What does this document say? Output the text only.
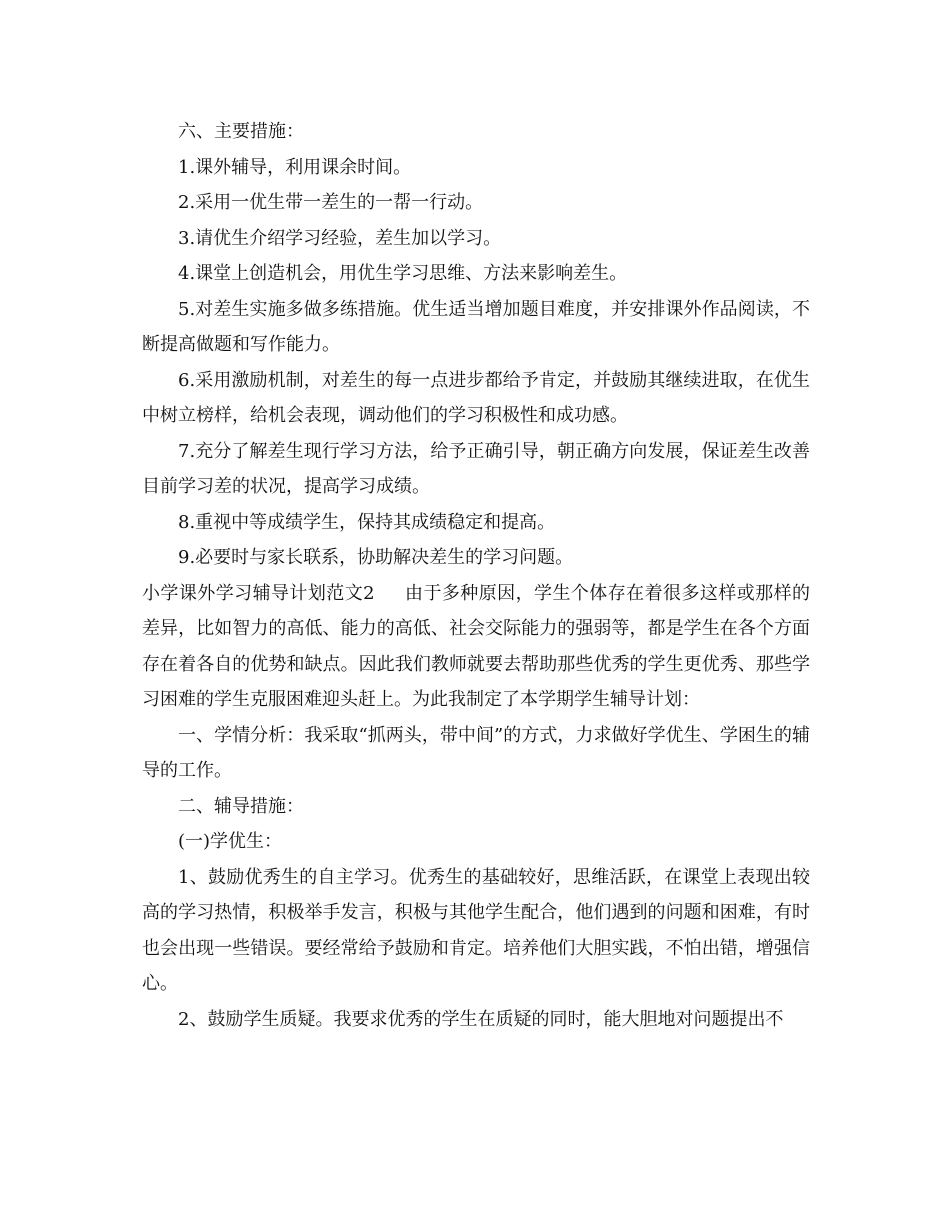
六、主要措施：

1.课外辅导，利用课余时间。

2.采用一优生带一差生的一帮一行动。

3.请优生介绍学习经验，差生加以学习。

4.课堂上创造机会，用优生学习思维、方法来影响差生。

5.对差生实施多做多练措施。优生适当增加题目难度，并安排课外作品阅读，不断提高做题和写作能力。

6.采用激励机制，对差生的每一点进步都给予肯定，并鼓励其继续进取，在优生中树立榜样，给机会表现，调动他们的学习积极性和成功感。

7.充分了解差生现行学习方法，给予正确引导，朝正确方向发展，保证差生改善目前学习差的状况，提高学习成绩。

8.重视中等成绩学生，保持其成绩稳定和提高。

9.必要时与家长联系，协助解决差生的学习问题。

小学课外学习辅导计划范文2 由于多种原因，学生个体存在着很多这样或那样的差异，比如智力的高低、能力的高低、社会交际能力的强弱等，都是学生在各个方面存在着各自的优势和缺点。因此我们教师就要去帮助那些优秀的学生更优秀、那些学习困难的学生克服困难迎头赶上。为此我制定了本学期学生辅导计划：

一、学情分析：我采取“抓两头，带中间”的方式，力求做好学优生、学困生的辅导的工作。

二、辅导措施：

(一)学优生：

1、鼓励优秀生的自主学习。优秀生的基础较好，思维活跃，在课堂上表现出较高的学习热情，积极举手发言，积极与其他学生配合，他们遇到的问题和困难，有时也会出现一些错误。要经常给予鼓励和肯定。培养他们大胆实践，不怕出错，增强信心。

2、鼓励学生质疑。我要求优秀的学生在质疑的同时，能大胆地对问题提出不
